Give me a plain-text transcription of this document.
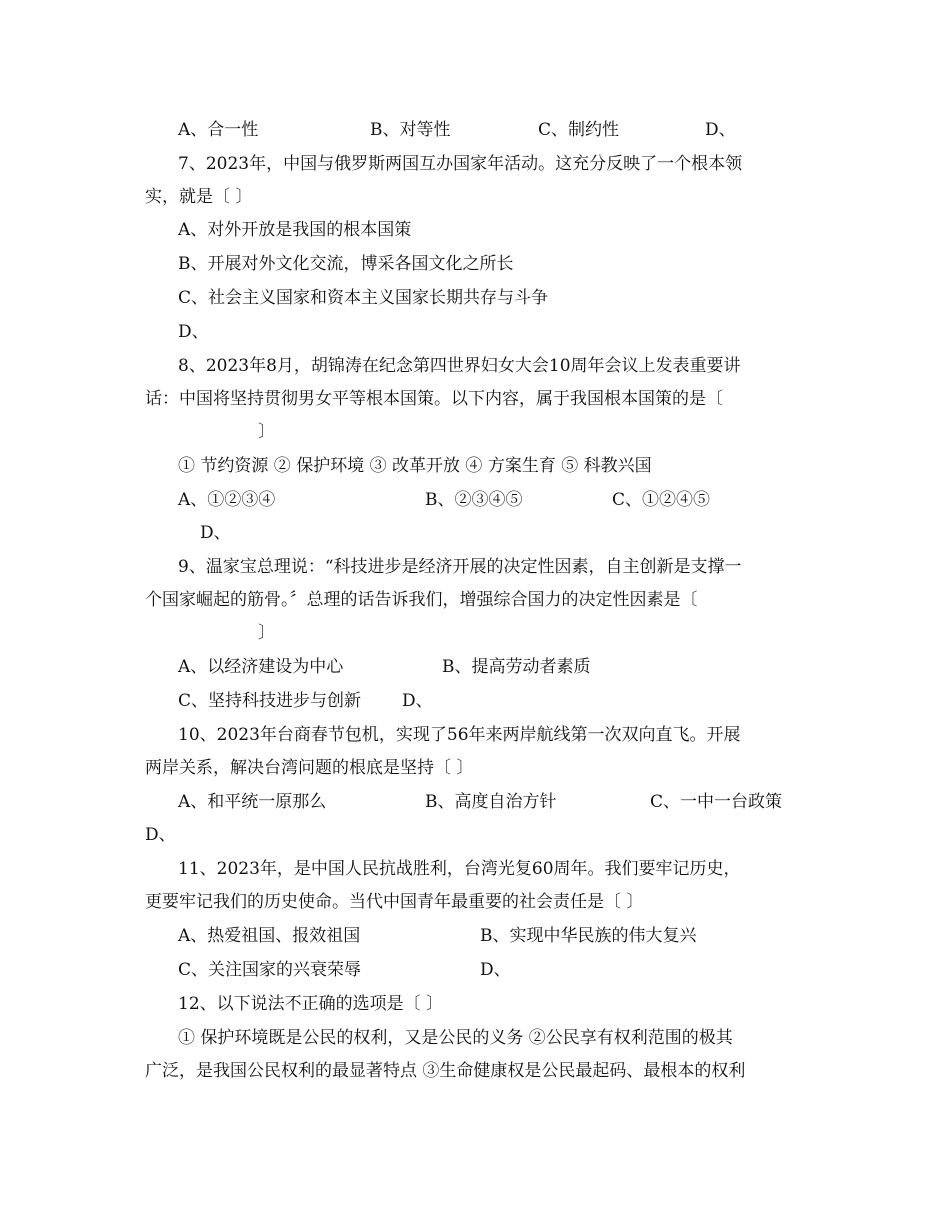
A、合一性	B、对等性	C、制约性	D、
7、2023年，中国与俄罗斯两国互办国家年活动。这充分反映了一个根本领
实，就是〔 〕
A、对外开放是我国的根本国策
B、开展对外文化交流，博采各国文化之所长
C、社会主义国家和资本主义国家长期共存与斗争
D、
8、2023年8月，胡锦涛在纪念第四世界妇女大会10周年会议上发表重要讲
话：中国将坚持贯彻男女平等根本国策。以下内容，属于我国根本国策的是〔
〕
① 节约资源 ② 保护环境 ③ 改革开放 ④ 方案生育 ⑤ 科教兴国
A、①②③④	B、②③④⑤	C、①②④⑤
D、
9、温家宝总理说：“科技进步是经济开展的决定性因素，自主创新是支撑一
个国家崛起的筋骨。〞总理的话告诉我们，增强综合国力的决定性因素是〔
〕
A、以经济建设为中心	B、提高劳动者素质
C、坚持科技进步与创新 D、
10、2023年台商春节包机，实现了56年来两岸航线第一次双向直飞。开展
两岸关系，解决台湾问题的根底是坚持〔 〕
A、和平统一原那么	B、高度自治方针	C、一中一台政策
D、
11、2023年，是中国人民抗战胜利，台湾光复60周年。我们要牢记历史，
更要牢记我们的历史使命。当代中国青年最重要的社会责任是〔 〕
A、热爱祖国、报效祖国	B、实现中华民族的伟大复兴
C、关注国家的兴衰荣辱	D、
12、以下说法不正确的选项是〔 〕
① 保护环境既是公民的权利，又是公民的义务 ②公民享有权利范围的极其
广泛，是我国公民权利的最显著特点 ③生命健康权是公民最起码、最根本的权利
